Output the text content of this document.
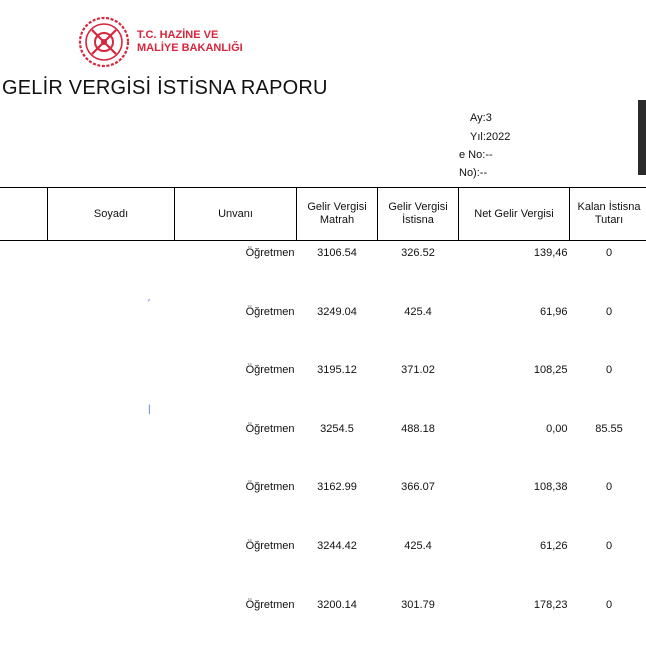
T.C. HAZİNE VE
MALİYE BAKANLIĞI
GELİR VERGİSİ İSTİSNA RAPORU
Ay:3
Yıl:2022
e No:--
No):--
	Soyadı	Unvanı	Gelir Vergisi Matrah	Gelir Vergisi İstisna	Net Gelir Vergisi	Kalan İstisna Tutarı
		Öğretmen	3106.54	326.52	139,46	0
		Öğretmen	3249.04	425.4	61,96	0
		Öğretmen	3195.12	371.02	108,25	0
		Öğretmen	3254.5	488.18	0,00	85.55
		Öğretmen	3162.99	366.07	108,38	0
		Öğretmen	3244.42	425.4	61,26	0
		Öğretmen	3200.14	301.79	178,23	0
′
|
